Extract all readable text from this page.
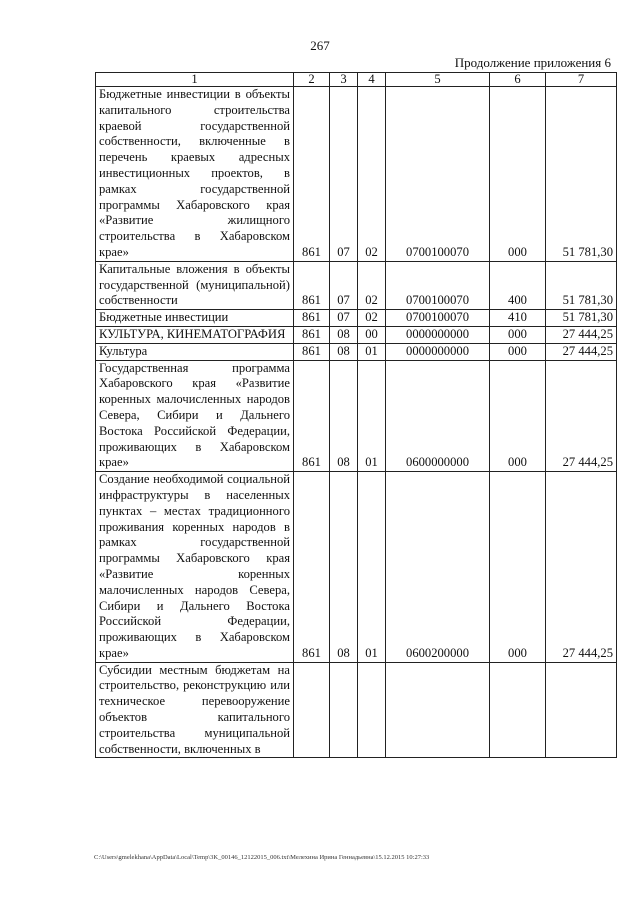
267
Продолжение приложения 6
1	2	3	4	5	6	7
Бюджетные инвестиции в объекты капитального строительства краевой государственной собственности, включенные в перечень краевых адресных инвестиционных проектов, в рамках государственной программы Хабаровского края «Развитие жилищного строительства в Хабаровском крае»	861	07	02	0700100070	000	51 781,30
Капитальные вложения в объекты государственной (муниципальной) собственности	861	07	02	0700100070	400	51 781,30
Бюджетные инвестиции	861	07	02	0700100070	410	51 781,30
КУЛЬТУРА, КИНЕМАТОГРАФИЯ	861	08	00	0000000000	000	27 444,25
Культура	861	08	01	0000000000	000	27 444,25
Государственная программа Хабаровского края «Развитие коренных малочисленных народов Севера, Сибири и Дальнего Востока Российской Федерации, проживающих в Хабаровском крае»	861	08	01	0600000000	000	27 444,25
Создание необходимой социальной инфраструктуры в населенных пунктах – местах традиционного проживания коренных народов в рамках государственной программы Хабаровского края «Развитие коренных малочисленных народов Севера, Сибири и Дальнего Востока Российской Федерации, проживающих в Хабаровском крае»	861	08	01	0600200000	000	27 444,25
Субсидии местным бюджетам на строительство, реконструкцию или техническое перевооружение объектов капитального строительства муниципальной собственности, включенных в						
C:\Users\gmelekhana\AppData\Local\Temp\3K_00146_12122015_006.txt\Мелехина Ирина Геннадьевна\15.12.2015 10:27:33
